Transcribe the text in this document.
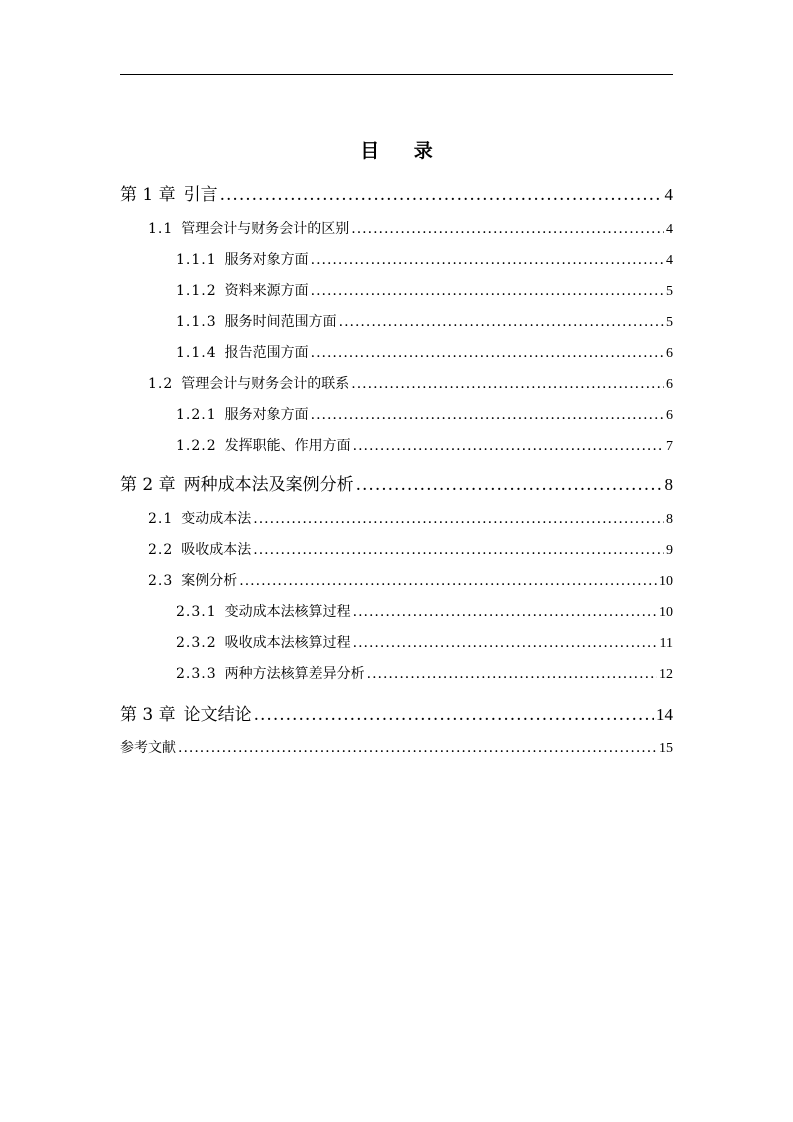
目 录
第 1 章 引言 .....	4
1.1 管理会计与财务会计的区别 .....	4
1.1.1 服务对象方面 .....	4
1.1.2 资料来源方面 .....	5
1.1.3 服务时间范围方面 .....	5
1.1.4 报告范围方面 .....	6
1.2 管理会计与财务会计的联系 .....	6
1.2.1 服务对象方面 .....	6
1.2.2 发挥职能、作用方面 .....	7
第 2 章 两种成本法及案例分析 .....	8
2.1 变动成本法 .....	8
2.2 吸收成本法 .....	9
2.3 案例分析 .....	10
2.3.1 变动成本法核算过程 .....	10
2.3.2 吸收成本法核算过程 .....	11
2.3.3 两种方法核算差异分析 .....	12
第 3 章 论文结论 .....	14
参考文献 .....	15
